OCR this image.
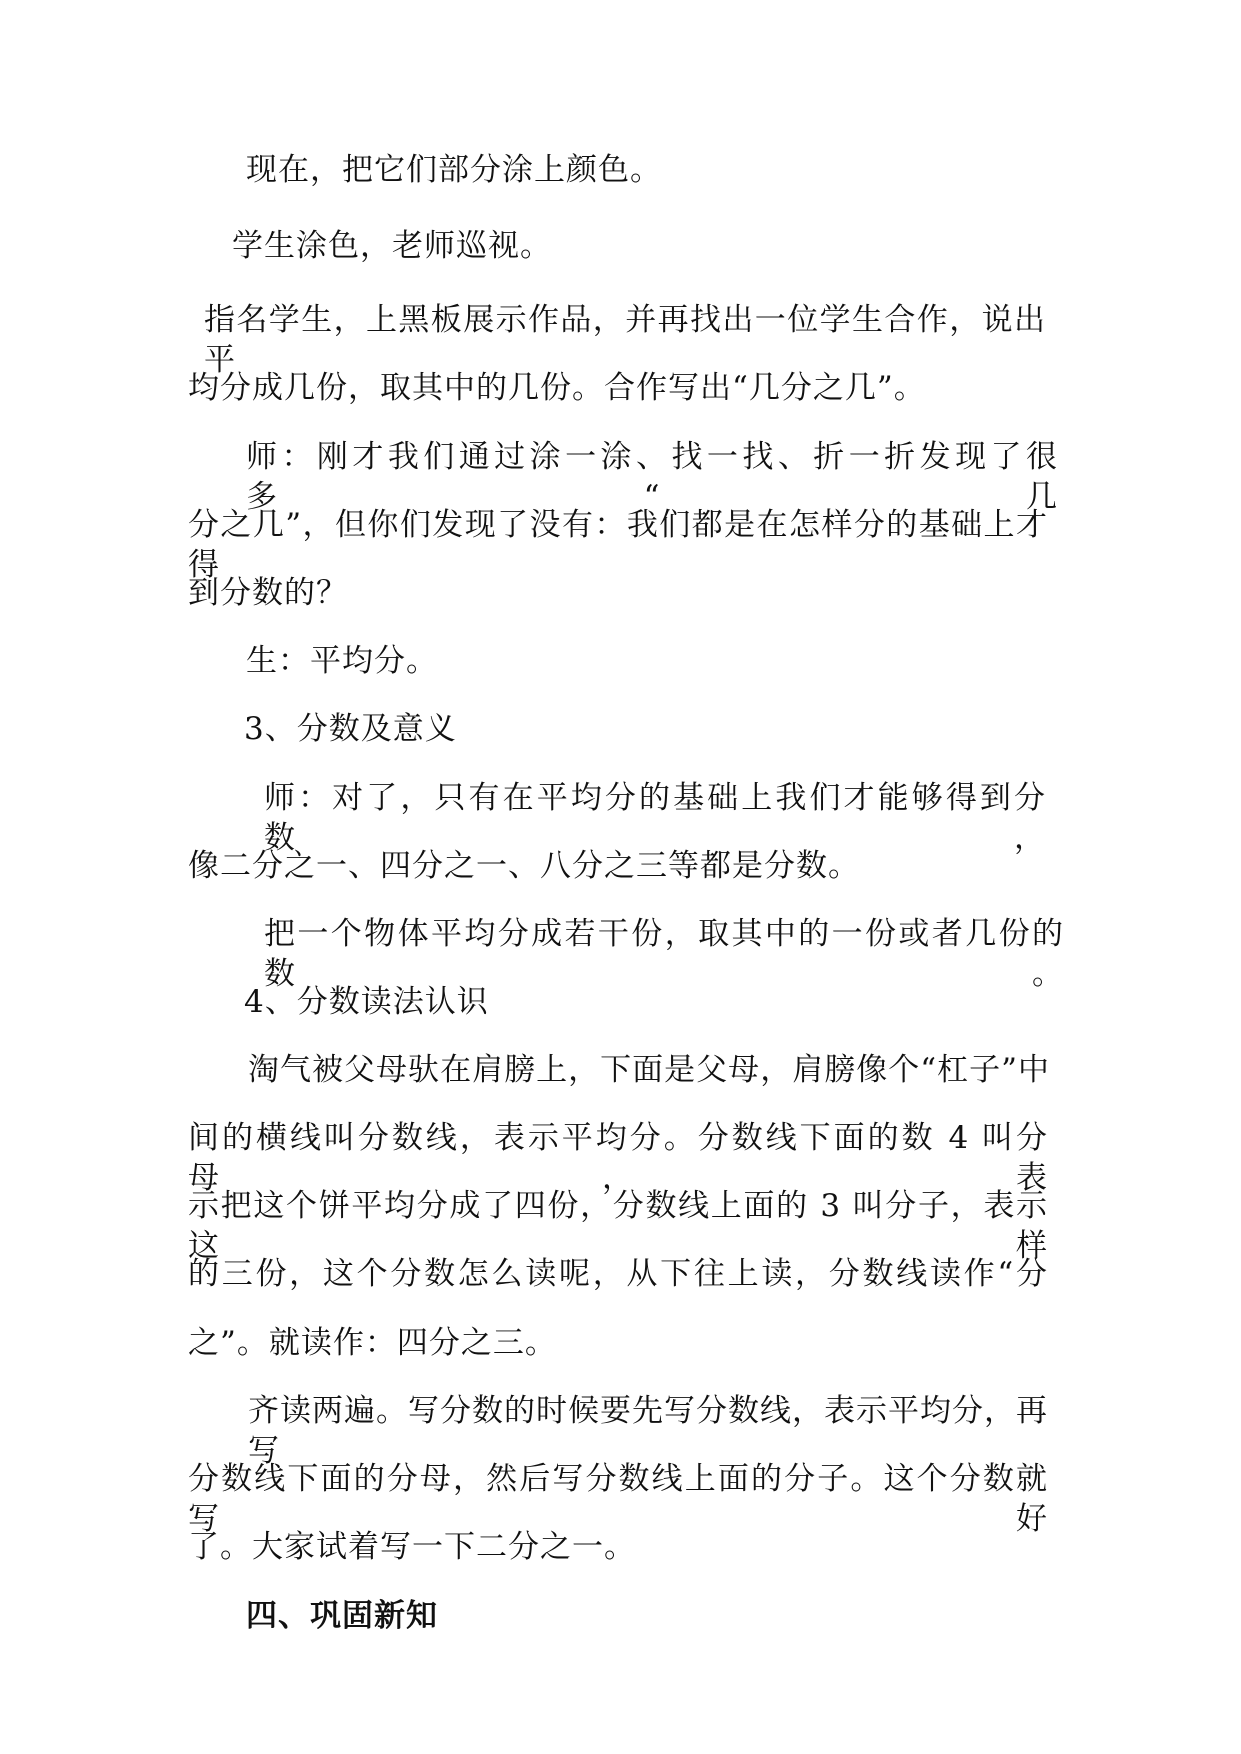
现在，把它们部分涂上颜色。
学生涂色，老师巡视。
指名学生，上黑板展示作品，并再找出一位学生合作，说出平
均分成几份，取其中的几份。合作写出“几分之几”。
师：刚才我们通过涂一涂、找一找、折一折发现了很多“几
分之几”，但你们发现了没有：我们都是在怎样分的基础上才得
到分数的？
生：平均分。
3、分数及意义
师：对了，只有在平均分的基础上我们才能够得到分数，
像二分之一、四分之一、八分之三等都是分数。
把一个物体平均分成若干份，取其中的一份或者几份的数。
4、分数读法认识
淘气被父母驮在肩膀上，下面是父母，肩膀像个“杠子”中
间的横线叫分数线，表示平均分。分数线下面的数 4 叫分母，表
示把这个饼平均分成了四份，分数线上面的 3 叫分子，表示这样
的三份，这个分数怎么读呢，从下往上读，分数线读作“分
之”。就读作：四分之三。
齐读两遍。写分数的时候要先写分数线，表示平均分，再写
分数线下面的分母，然后写分数线上面的分子。这个分数就写好
了。大家试着写一下二分之一。
四、巩固新知
